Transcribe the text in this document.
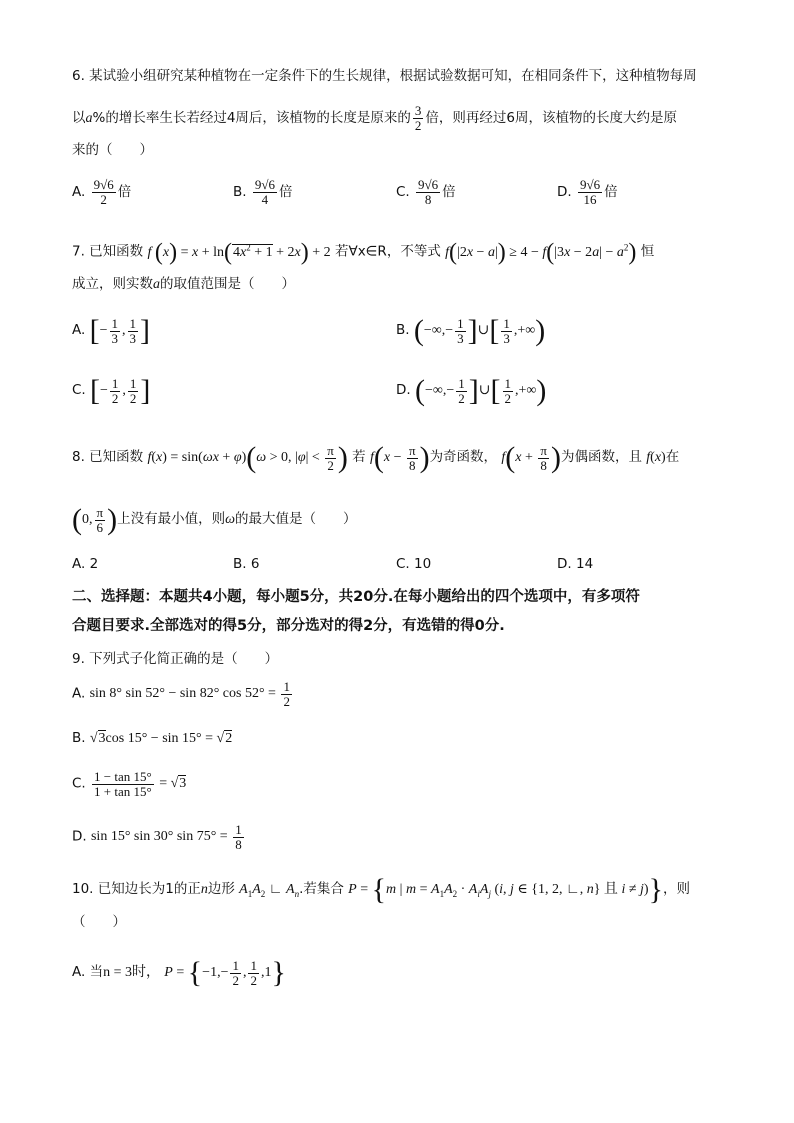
6. 某试验小组研究某种植物在一定条件下的生长规律，根据试验数据可知，在相同条件下，这种植物每周
以a%的增长率生长若经过4周后，该植物的长度是原来的 $\frac{3}{2}$ 倍，则再经过6周，该植物的长度大约是原
来的（　　）
A. $\frac{9√6}{2}$ 倍	B. $\frac{9√6}{4}$ 倍	C. $\frac{9√6}{8}$ 倍	D. $\frac{9√6}{16}$ 倍
7. 已知函数 f $(x) = x + \ln(4x^2 + 1 + 2x) + 2$ 若∀x∈R，不等式 $f(|2x - a|) \ge 4 - f(|3x - 2a| - a^2)$ 恒
成立，则实数a的取值范围是（　　）
A. [− $\frac{1}{3}$ , $\frac{1}{3}$ ]	B. (−∞,− $\frac{1}{3}$ ]∪[ $\frac{1}{3}$ ,+∞)
C. [− $\frac{1}{2}$ , $\frac{1}{2}$ ]	D. (−∞,− $\frac{1}{2}$ ]∪[ $\frac{1}{2}$ ,+∞)
8. 已知函数 f(x) = sin(ωx + φ)(ω > 0, $|\varphi| < \frac{\pi}{2}$ ) 若 $f(x - \frac{\pi}{8}$ )为奇函数， $f(x + \frac{\pi}{8}$ )为偶函数，且 f(x)在
(0, $\frac{\pi}{6}$ )上没有最小值，则ω的最大值是（　　）
A. 2	B. 6	C. 10	D. 14
二、选择题：本题共4小题，每小题5分，共20分.在每小题给出的四个选项中，有多项符
合题目要求.全部选对的得5分，部分选对的得2分，有选错的得0分.
9. 下列式子化简正确的是（　　）
A. sin 8° sin 52° − sin 82° $\cos 52^\circ = \frac{1}{2}$
B. √3cos 15° − sin 15° = √2
C. $\frac{1 - \tan 15^\circ}{1 + \tan 15^\circ} = √3$
D. sin 15° sin 30° $\sin 75^\circ = \frac{1}{8}$
10. 已知边长为1的正n边形 $A_1A_2$ ∟ $A_n$.若集合 P = {m | $m = A_1A_2 \cdot A_iA_j$ (i, j ∈ {1, 2, ∟, n} 且 i ≠ j)}，则
（　　）
A. 当n = 3时， $P = \{-1,- \frac{1}{2}$ , $\frac{1}{2} ,1$}
